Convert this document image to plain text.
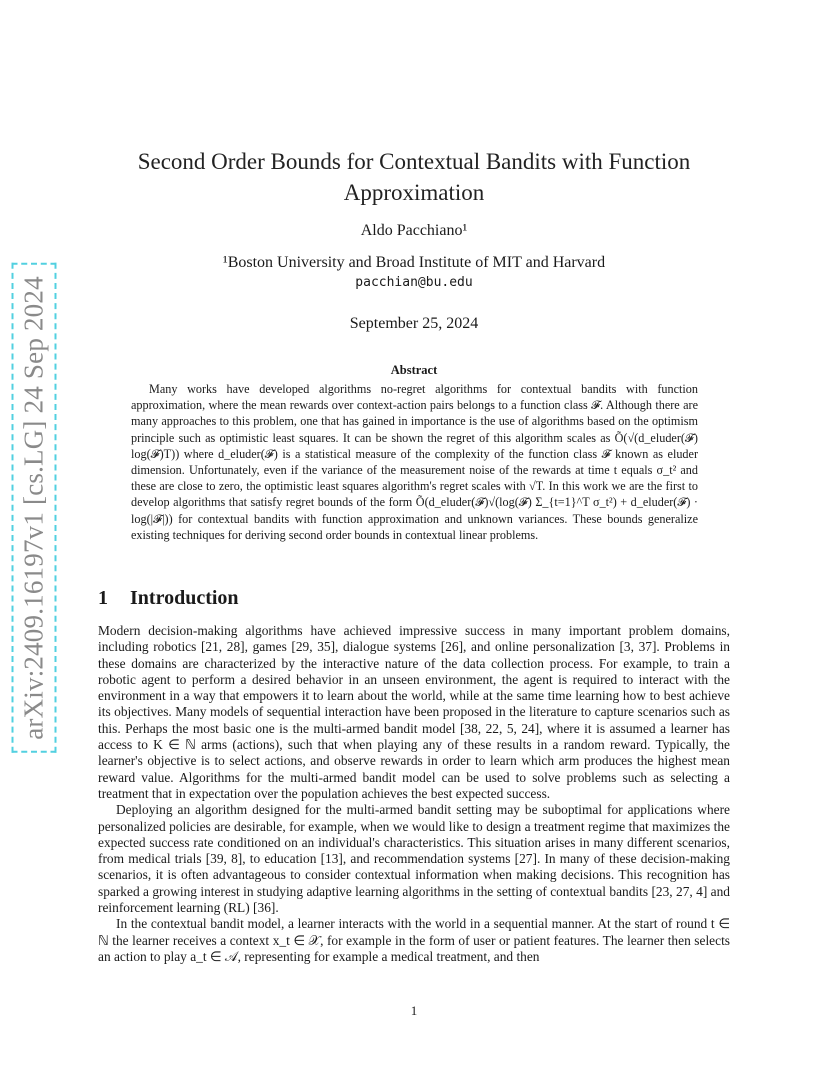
arXiv:2409.16197v1 [cs.LG] 24 Sep 2024
Second Order Bounds for Contextual Bandits with Function Approximation
Aldo Pacchiano¹
¹Boston University and Broad Institute of MIT and Harvard
pacchian@bu.edu
September 25, 2024
Abstract

Many works have developed algorithms no-regret algorithms for contextual bandits with function approximation, where the mean rewards over context-action pairs belongs to a function class 𝓕. Although there are many approaches to this problem, one that has gained in importance is the use of algorithms based on the optimism principle such as optimistic least squares. It can be shown the regret of this algorithm scales as Õ(√(d_eluder(𝓕) log(𝓕)T)) where d_eluder(𝓕) is a statistical measure of the complexity of the function class 𝓕 known as eluder dimension. Unfortunately, even if the variance of the measurement noise of the rewards at time t equals σ_t² and these are close to zero, the optimistic least squares algorithm's regret scales with √T. In this work we are the first to develop algorithms that satisfy regret bounds of the form Õ(d_eluder(𝓕)√(log(𝓕) Σ_{t=1}^T σ_t²) + d_eluder(𝓕) · log(|𝓕|)) for contextual bandits with function approximation and unknown variances. These bounds generalize existing techniques for deriving second order bounds in contextual linear problems.

1 Introduction

Modern decision-making algorithms have achieved impressive success in many important problem domains, including robotics [21, 28], games [29, 35], dialogue systems [26], and online personalization [3, 37]. Problems in these domains are characterized by the interactive nature of the data collection process. For example, to train a robotic agent to perform a desired behavior in an unseen environment, the agent is required to interact with the environment in a way that empowers it to learn about the world, while at the same time learning how to best achieve its objectives. Many models of sequential interaction have been proposed in the literature to capture scenarios such as this. Perhaps the most basic one is the multi-armed bandit model [38, 22, 5, 24], where it is assumed a learner has access to K ∈ ℕ arms (actions), such that when playing any of these results in a random reward. Typically, the learner's objective is to select actions, and observe rewards in order to learn which arm produces the highest mean reward value. Algorithms for the multi-armed bandit model can be used to solve problems such as selecting a treatment that in expectation over the population achieves the best expected success.

Deploying an algorithm designed for the multi-armed bandit setting may be suboptimal for applications where personalized policies are desirable, for example, when we would like to design a treatment regime that maximizes the expected success rate conditioned on an individual's characteristics. This situation arises in many different scenarios, from medical trials [39, 8], to education [13], and recommendation systems [27]. In many of these decision-making scenarios, it is often advantageous to consider contextual information when making decisions. This recognition has sparked a growing interest in studying adaptive learning algorithms in the setting of contextual bandits [23, 27, 4] and reinforcement learning (RL) [36].

In the contextual bandit model, a learner interacts with the world in a sequential manner. At the start of round t ∈ ℕ the learner receives a context x_t ∈ 𝒳, for example in the form of user or patient features. The learner then selects an action to play a_t ∈ 𝒜, representing for example a medical treatment, and then

1
